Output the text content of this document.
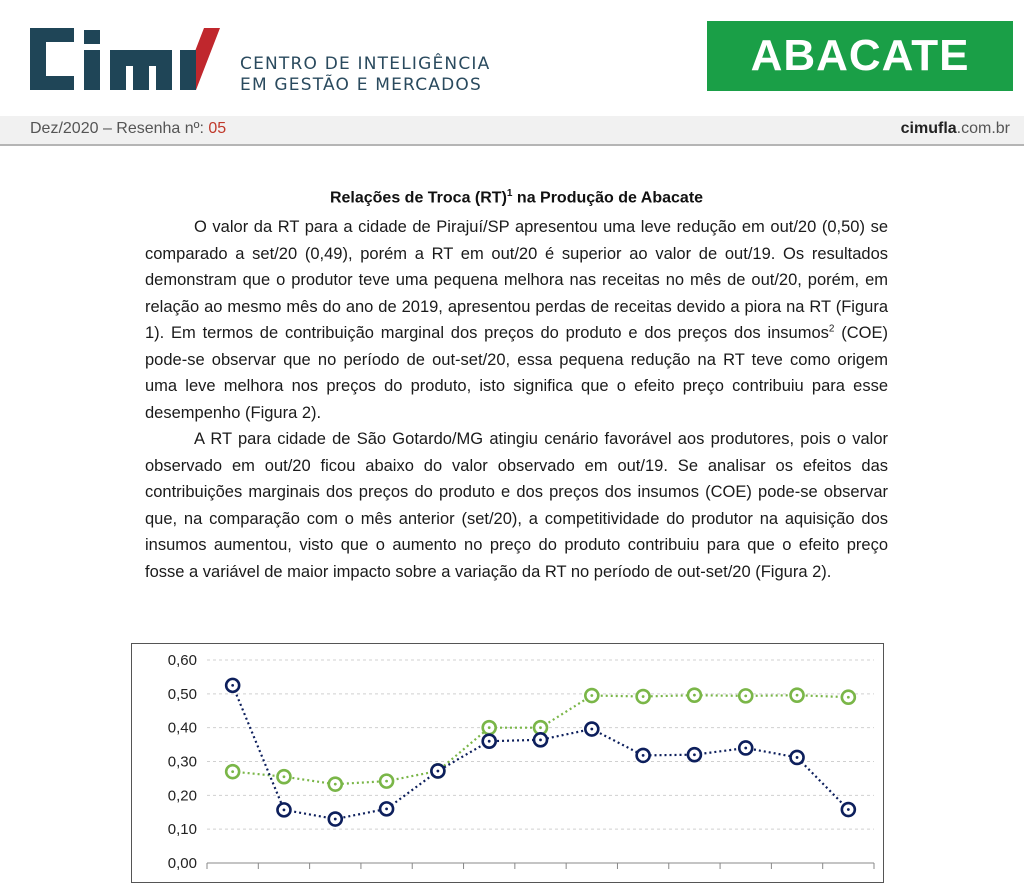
CENTRO DE INTELIGÊNCIA
EM GESTÃO E MERCADOS
ABACATE
Dez/2020 – Resenha nº: 05	cimufla.com.br
Relações de Troca (RT)$^1$ na Produção de Abacate

O valor da RT para a cidade de Pirajuí/SP apresentou uma leve redução em out/20 (0,50) se comparado a set/20 (0,49), porém a RT em out/20 é superior ao valor de out/19. Os resultados demonstram que o produtor teve uma pequena melhora nas receitas no mês de out/20, porém, em relação ao mesmo mês do ano de 2019, apresentou perdas de receitas devido a piora na RT (Figura 1). Em termos de contribuição marginal dos preços do produto e dos preços dos insumos$^2$ (COE) pode-se observar que no período de out-set/20, essa pequena redução na RT teve como origem uma leve melhora nos preços do produto, isto significa que o efeito preço contribuiu para esse desempenho (Figura 2).

A RT para cidade de São Gotardo/MG atingiu cenário favorável aos produtores, pois o valor observado em out/20 ficou abaixo do valor observado em out/19. Se analisar os efeitos das contribuições marginais dos preços do produto e dos preços dos insumos (COE) pode-se observar que, na comparação com o mês anterior (set/20), a competitividade do produtor na aquisição dos insumos aumentou, visto que o aumento no preço do produto contribuiu para que o efeito preço fosse a variável de maior impacto sobre a variação da RT no período de out-set/20 (Figura 2).

0,00
0,10
0,20
0,30
0,40
0,50
0,60
